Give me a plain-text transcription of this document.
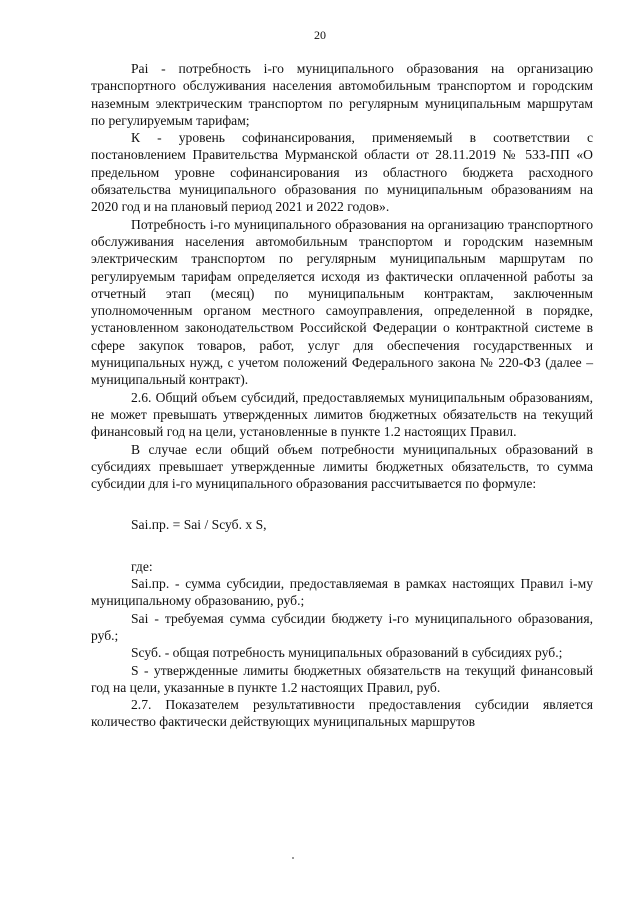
20

Pai - потребность i-го муниципального образования на организацию транспортного обслуживания населения автомобильным транспортом и городским наземным электрическим транспортом по регулярным муниципальным маршрутам по регулируемым тарифам;

К - уровень софинансирования, применяемый в соответствии с постановлением Правительства Мурманской области от 28.11.2019 № 533-ПП «О предельном уровне софинансирования из областного бюджета расходного обязательства муниципального образования по муниципальным образованиям на 2020 год и на плановый период 2021 и 2022 годов».

Потребность i-го муниципального образования на организацию транспортного обслуживания населения автомобильным транспортом и городским наземным электрическим транспортом по регулярным муниципальным маршрутам по регулируемым тарифам определяется исходя из фактически оплаченной работы за отчетный этап (месяц) по муниципальным контрактам, заключенным уполномоченным органом местного самоуправления, определенной в порядке, установленном законодательством Российской Федерации о контрактной системе в сфере закупок товаров, работ, услуг для обеспечения государственных и муниципальных нужд, с учетом положений Федерального закона № 220-ФЗ (далее – муниципальный контракт).

2.6. Общий объем субсидий, предоставляемых муниципальным образованиям, не может превышать утвержденных лимитов бюджетных обязательств на текущий финансовый год на цели, установленные в пункте 1.2 настоящих Правил.

В случае если общий объем потребности муниципальных образований в субсидиях превышает утвержденные лимиты бюджетных обязательств, то сумма субсидии для i-го муниципального образования рассчитывается по формуле:

Sai.пр. = Sai / Sсуб. х S,

где:

Sai.пр. - сумма субсидии, предоставляемая в рамках настоящих Правил i-му муниципальному образованию, руб.;

Sai - требуемая сумма субсидии бюджету i-го муниципального образования, руб.;

Sсуб. - общая потребность муниципальных образований в субсидиях руб.;

S - утвержденные лимиты бюджетных обязательств на текущий финансовый год на цели, указанные в пункте 1.2 настоящих Правил, руб.

2.7. Показателем результативности предоставления субсидии является количество фактически действующих муниципальных маршрутов
